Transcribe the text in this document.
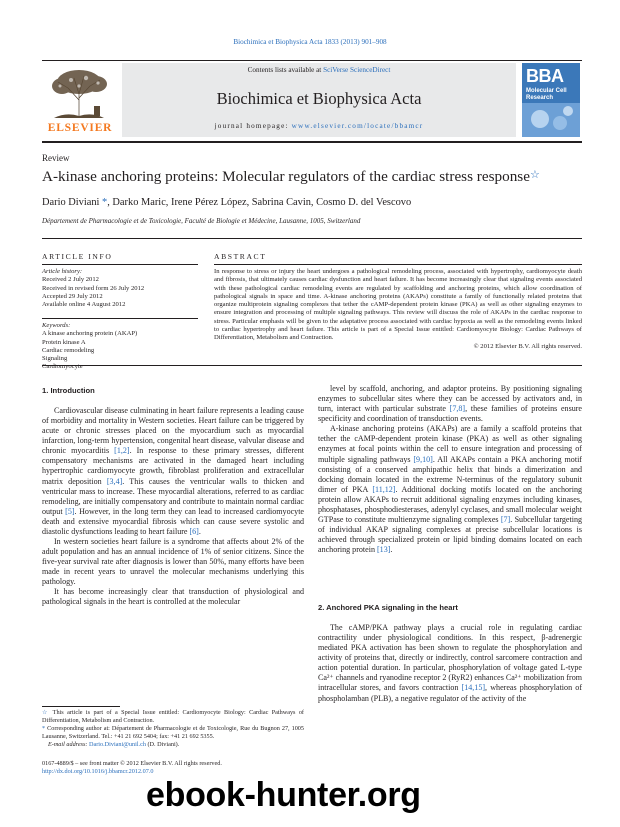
Biochimica et Biophysica Acta 1833 (2013) 901–908
ELSEVIER
Contents lists available at SciVerse ScienceDirect
Biochimica et Biophysica Acta
journal homepage: www.elsevier.com/locate/bbamcr
BBA
Molecular Cell Research
Review
A-kinase anchoring proteins: Molecular regulators of the cardiac stress response☆
Dario Diviani *, Darko Maric, Irene Pérez López, Sabrina Cavin, Cosmo D. del Vescovo
Département de Pharmacologie et de Toxicologie, Faculté de Biologie et Médecine, Lausanne, 1005, Switzerland
ARTICLE INFO	ABSTRACT
Article history:
Received 2 July 2012
Received in revised form 26 July 2012
Accepted 29 July 2012
Available online 4 August 2012
Keywords:
A kinase anchoring protein (AKAP)
Protein kinase A
Cardiac remodeling
Signaling
Cardiomyocyte
In response to stress or injury the heart undergoes a pathological remodeling process, associated with hypertrophy, cardiomyocyte death and fibrosis, that ultimately causes cardiac dysfunction and heart failure. It has become increasingly clear that signaling events associated with these pathological cardiac remodeling events are regulated by scaffolding and anchoring proteins, which allow coordination of pathological signals in space and time. A-kinase anchoring proteins (AKAPs) constitute a family of functionally related proteins that organize multiprotein signaling complexes that tether the cAMP-dependent protein kinase (PKA) as well as other signaling enzymes to ensure integration and processing of multiple signaling pathways. This review will discuss the role of AKAPs in the cardiac response to stress. Particular emphasis will be given to the adaptative process associated with cardiac hypoxia as well as the remodeling events linked to cardiac hypertrophy and heart failure. This article is part of a Special Issue entitled: Cardiomyocyte Biology: Cardiac Pathways of Differentiation, Metabolism and Contraction.
© 2012 Elsevier B.V. All rights reserved.
1. Introduction

Cardiovascular disease culminating in heart failure represents a leading cause of morbidity and mortality in Western societies. Heart failure can be triggered by acute or chronic stresses placed on the myocardium such as myocardial infarction, long-term hypertension, congenital heart disease, valvular disease and chronic myocarditis [1,2]. In response to these primary stresses, different compensatory mechanisms are activated in the damaged heart including hypertrophic cardiomyocyte growth, fibroblast proliferation and extracellular matrix deposition [3,4]. This causes the ventricular walls to thicken and ventricular mass to increase. These myocardial alterations, referred to as cardiac remodeling, are initially compensatory and contribute to maintain normal cardiac output [5]. However, in the long term they can lead to increased cardiomyocyte death and extensive myocardial fibrosis which can cause severe systolic and diastolic dysfunctions leading to heart failure [6].

In western societies heart failure is a syndrome that affects about 2% of the adult population and has an annual incidence of 1% of senior citizens. Since the five-year survival rate after diagnosis is lower than 50%, many efforts have been made in recent years to unravel the molecular mechanisms underlying this pathology.

It has become increasingly clear that transduction of physiological and pathological signals in the heart is controlled at the molecular

level by scaffold, anchoring, and adaptor proteins. By positioning signaling enzymes to subcellular sites where they can be accessed by activators and, in turn, interact with particular substrate [7,8], these families of proteins ensure specificity and coordination of transduction events.

A-kinase anchoring proteins (AKAPs) are a family a scaffold proteins that tether the cAMP-dependent protein kinase (PKA) as well as other signaling enzymes at focal points within the cell to ensure integration and processing of multiple signaling pathways [9,10]. All AKAPs contain a PKA anchoring motif consisting of a conserved amphipathic helix that binds a dimerization and docking domain located in the extreme N-terminus of the regulatory subunit dimer of PKA [11,12]. Additional docking motifs located on the anchoring protein allow AKAPs to recruit additional signaling enzymes including kinases, phosphatases, phosphodiesterases, adenylyl cyclases, and small molecular weight GTPase to constitute multienzyme signaling complexes [7]. Subcellular targeting of individual AKAP signaling complexes at precise subcellular locations is achieved through specialized protein or lipid binding domains located on each anchoring protein [13].

2. Anchored PKA signaling in the heart

The cAMP/PKA pathway plays a crucial role in regulating cardiac contractility under physiological conditions. In this respect, β-adrenergic mediated PKA activation has been shown to regulate the phosphorylation and activity of proteins that, directly or indirectly, control sarcomere contraction and action potential duration. In particular, phosphorylation of voltage gated L-type Ca²⁺ channels and ryanodine receptor 2 (RyR2) enhances Ca²⁺ mobilization from intracellular stores, and favors contraction [14,15], whereas phosphorylation of phospholamban (PLB), a negative regulator of the activity of the

☆ This article is part of a Special Issue entitled: Cardiomyocyte Biology: Cardiac Pathways of Differentiation, Metabolism and Contraction.
* Corresponding author at: Département de Pharmacologie et de Toxicologie, Rue du Bugnon 27, 1005 Lausanne, Switzerland. Tel.: +41 21 692 5404; fax: +41 21 692 5355.
E-mail address: Dario.Diviani@unil.ch (D. Diviani).
0167-4889/$ – see front matter © 2012 Elsevier B.V. All rights reserved.
http://dx.doi.org/10.1016/j.bbamcr.2012.07.0
ebook-hunter.org
